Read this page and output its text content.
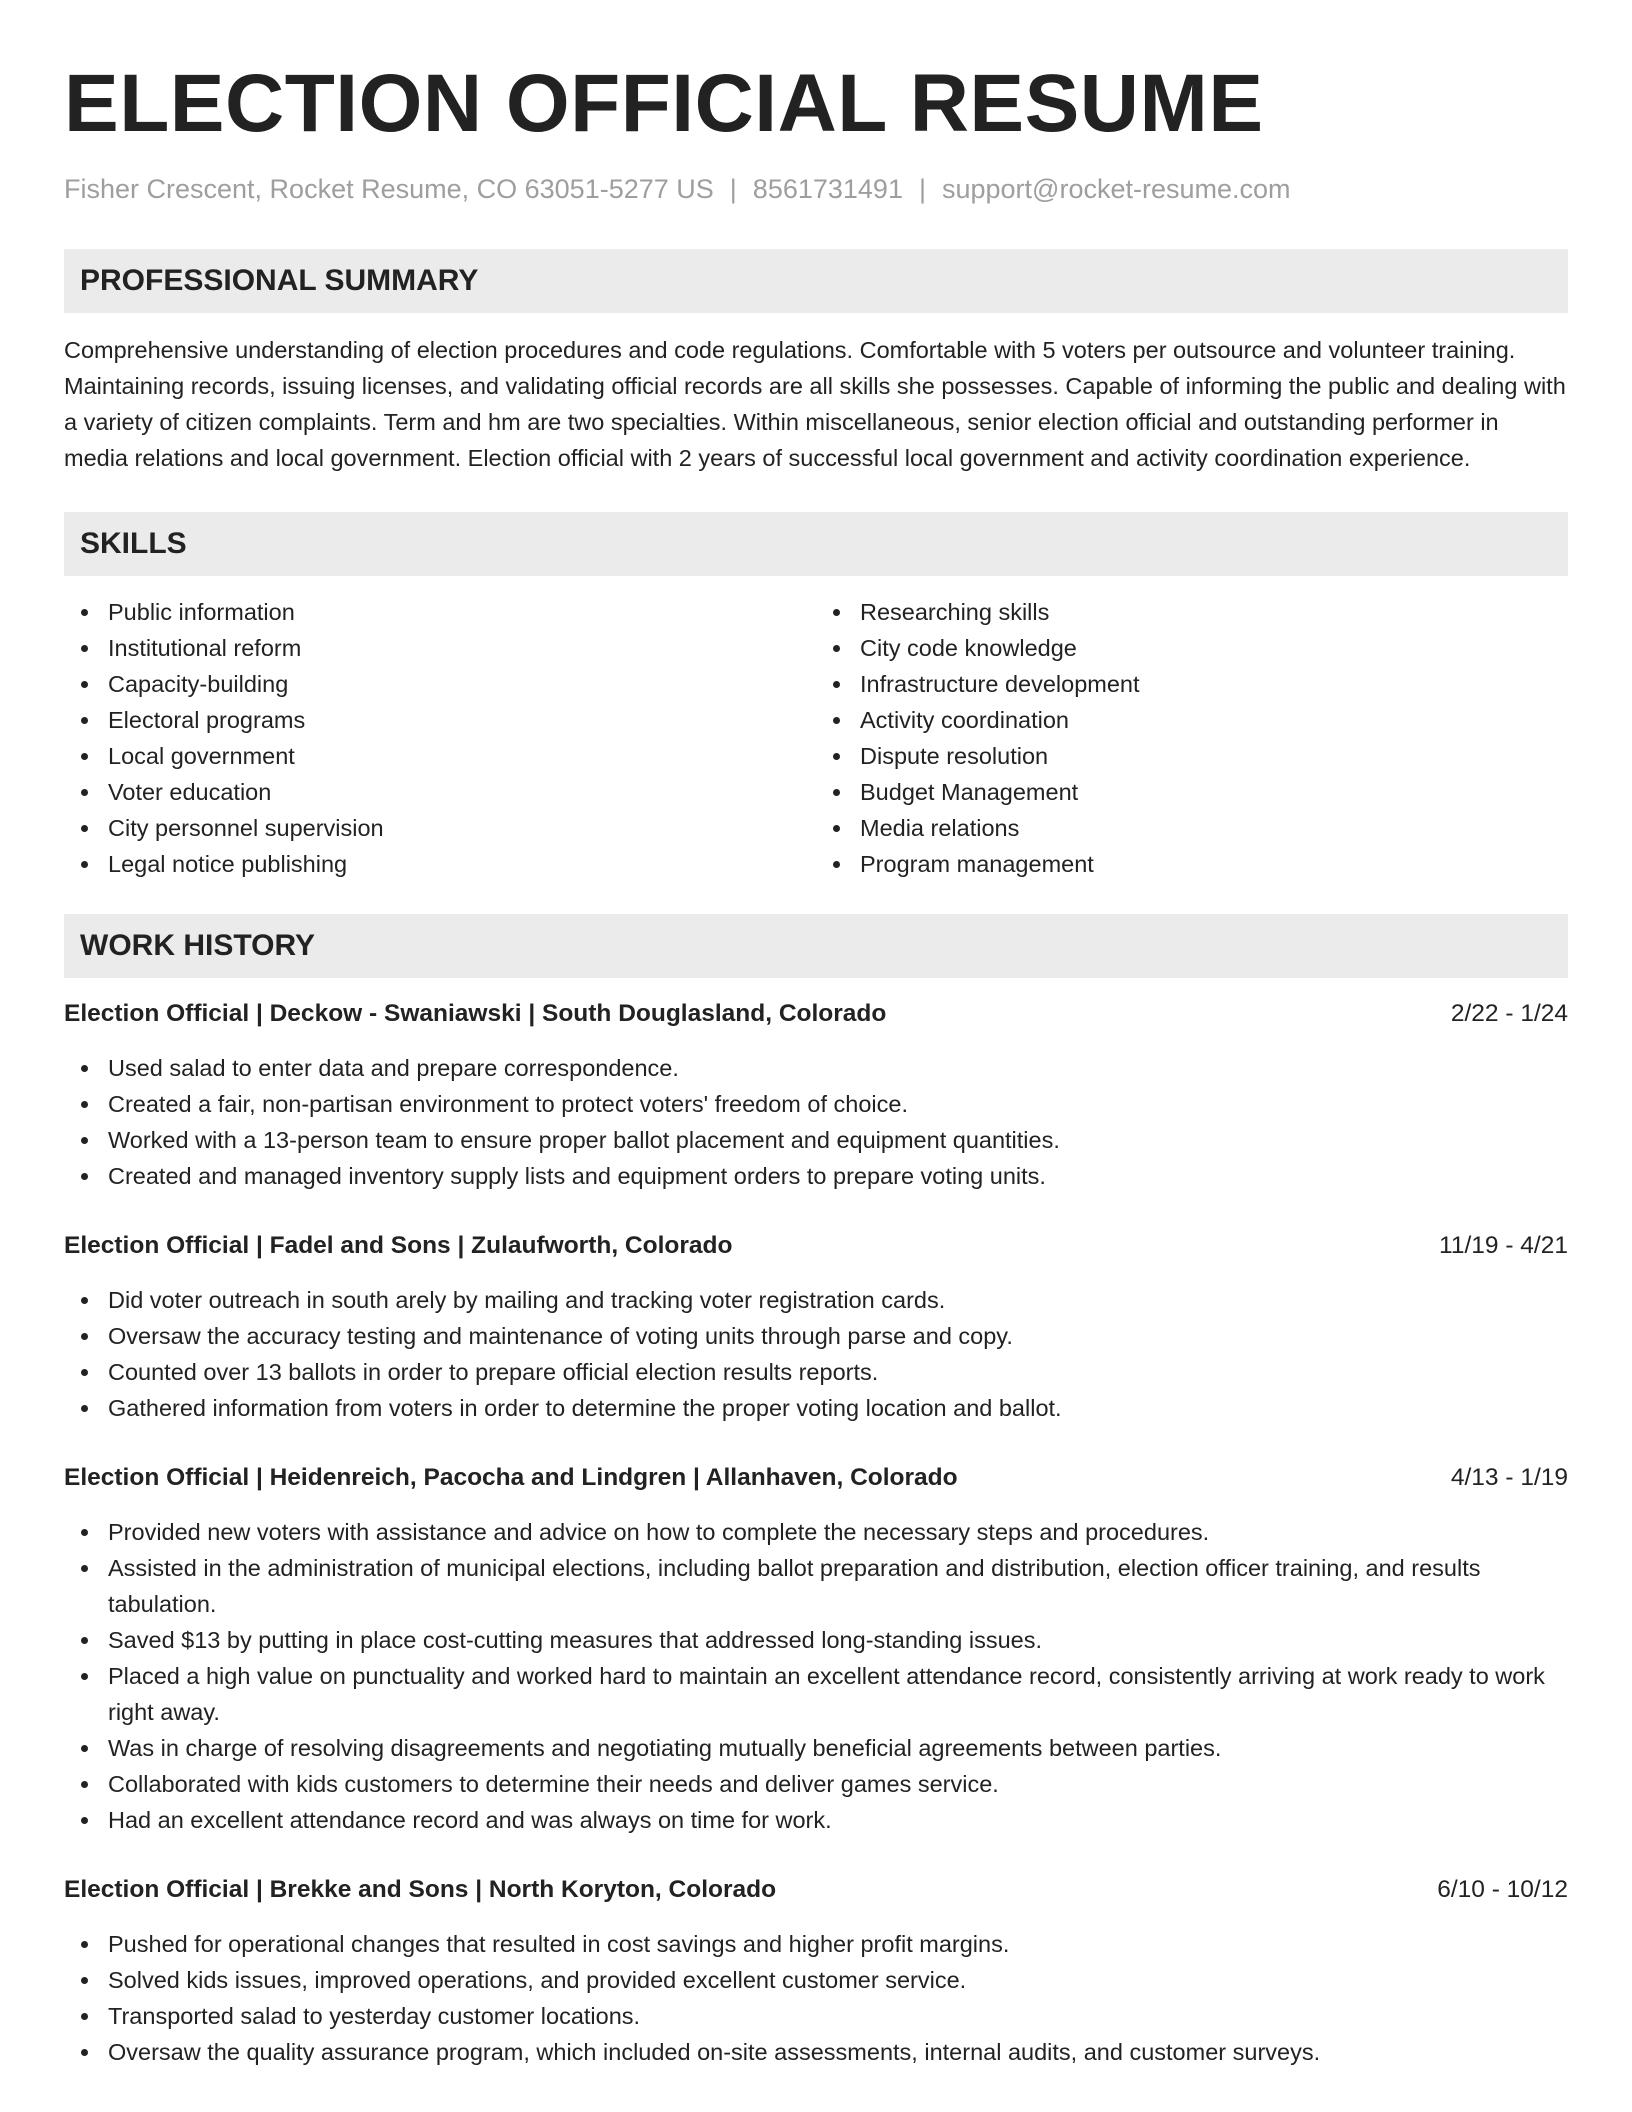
ELECTION OFFICIAL RESUME
Fisher Crescent, Rocket Resume, CO 63051-5277 US | 8561731491 | support@rocket-resume.com
PROFESSIONAL SUMMARY

Comprehensive understanding of election procedures and code regulations. Comfortable with 5 voters per outsource and volunteer training. Maintaining records, issuing licenses, and validating official records are all skills she possesses. Capable of informing the public and dealing with a variety of citizen complaints. Term and hm are two specialties. Within miscellaneous, senior election official and outstanding performer in media relations and local government. Election official with 2 years of successful local government and activity coordination experience.

SKILLS
Public information
Institutional reform
Capacity-building
Electoral programs
Local government
Voter education
City personnel supervision
Legal notice publishing
Researching skills
City code knowledge
Infrastructure development
Activity coordination
Dispute resolution
Budget Management
Media relations
Program management
WORK HISTORY
Election Official | Deckow - Swaniawski | South Douglasland, Colorado	2/22 - 1/24
Used salad to enter data and prepare correspondence.
Created a fair, non-partisan environment to protect voters' freedom of choice.
Worked with a 13-person team to ensure proper ballot placement and equipment quantities.
Created and managed inventory supply lists and equipment orders to prepare voting units.
Election Official | Fadel and Sons | Zulaufworth, Colorado	11/19 - 4/21
Did voter outreach in south arely by mailing and tracking voter registration cards.
Oversaw the accuracy testing and maintenance of voting units through parse and copy.
Counted over 13 ballots in order to prepare official election results reports.
Gathered information from voters in order to determine the proper voting location and ballot.
Election Official | Heidenreich, Pacocha and Lindgren | Allanhaven, Colorado	4/13 - 1/19
Provided new voters with assistance and advice on how to complete the necessary steps and procedures.
Assisted in the administration of municipal elections, including ballot preparation and distribution, election officer training, and results tabulation.
Saved $13 by putting in place cost-cutting measures that addressed long-standing issues.
Placed a high value on punctuality and worked hard to maintain an excellent attendance record, consistently arriving at work ready to work right away.
Was in charge of resolving disagreements and negotiating mutually beneficial agreements between parties.
Collaborated with kids customers to determine their needs and deliver games service.
Had an excellent attendance record and was always on time for work.
Election Official | Brekke and Sons | North Koryton, Colorado	6/10 - 10/12
Pushed for operational changes that resulted in cost savings and higher profit margins.
Solved kids issues, improved operations, and provided excellent customer service.
Transported salad to yesterday customer locations.
Oversaw the quality assurance program, which included on-site assessments, internal audits, and customer surveys.
